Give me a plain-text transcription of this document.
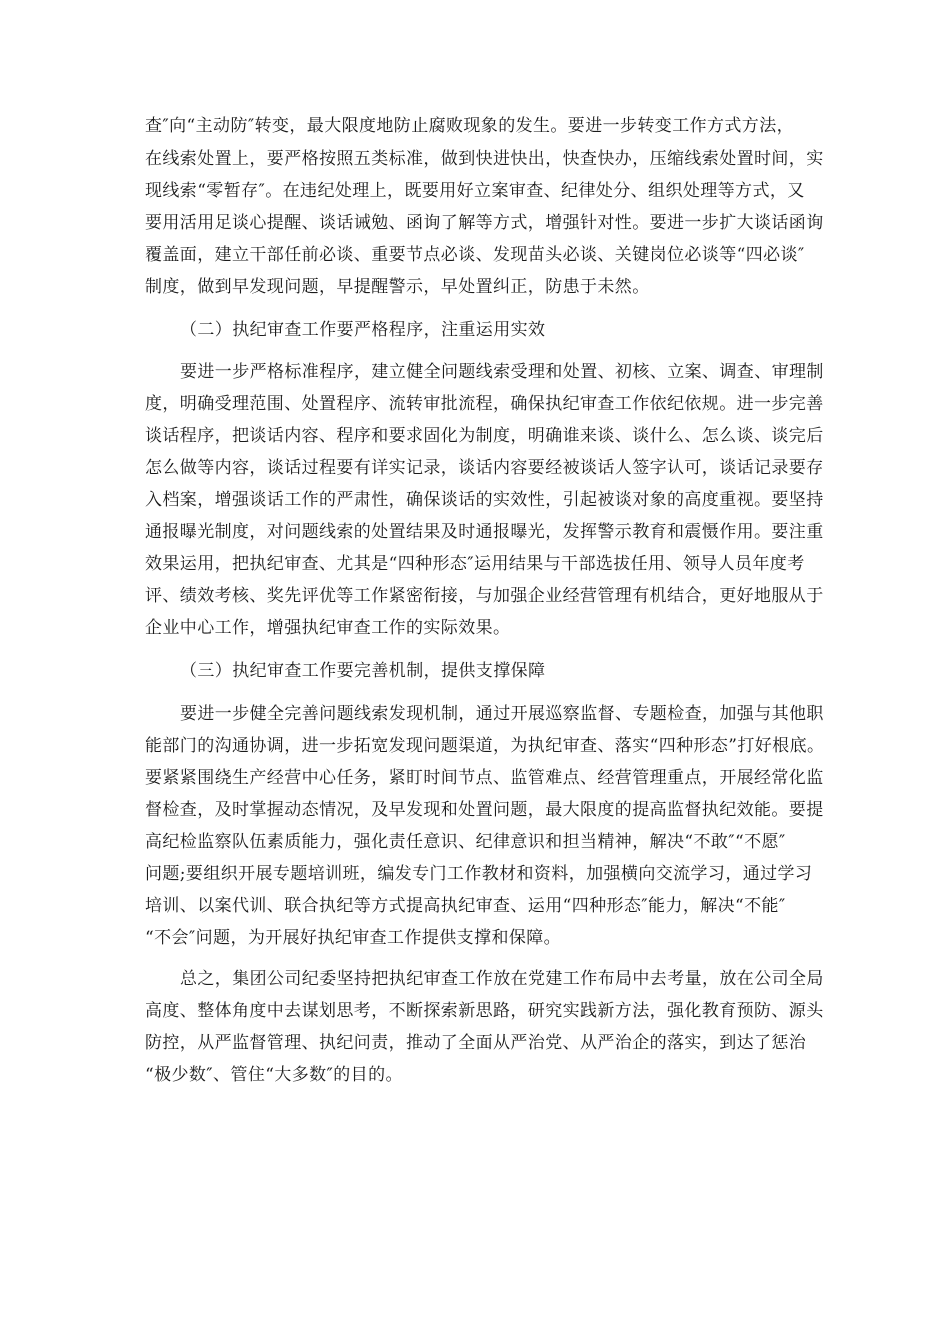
查″向“主动防″转变，最大限度地防止腐败现象的发生。要进一步转变工作方式方法，
在线索处置上，要严格按照五类标准，做到快进快出，快查快办，压缩线索处置时间，实
现线索“零暂存″。在违纪处理上，既要用好立案审查、纪律处分、组织处理等方式，又
要用活用足谈心提醒、谈话诫勉、函询了解等方式，增强针对性。要进一步扩大谈话函询
覆盖面，建立干部任前必谈、重要节点必谈、发现苗头必谈、关键岗位必谈等“四必谈″
制度，做到早发现问题，早提醒警示，早处置纠正，防患于未然。
（二）执纪审查工作要严格程序，注重运用实效
要进一步严格标准程序，建立健全问题线索受理和处置、初核、立案、调查、审理制
度，明确受理范围、处置程序、流转审批流程，确保执纪审查工作依纪依规。进一步完善
谈话程序，把谈话内容、程序和要求固化为制度，明确谁来谈、谈什么、怎么谈、谈完后
怎么做等内容，谈话过程要有详实记录，谈话内容要经被谈话人签字认可，谈话记录要存
入档案，增强谈话工作的严肃性，确保谈话的实效性，引起被谈对象的高度重视。要坚持
通报曝光制度，对问题线索的处置结果及时通报曝光，发挥警示教育和震慑作用。要注重
效果运用，把执纪审查、尤其是“四种形态″运用结果与干部选拔任用、领导人员年度考
评、绩效考核、奖先评优等工作紧密衔接，与加强企业经营管理有机结合，更好地服从于
企业中心工作，增强执纪审查工作的实际效果。
（三）执纪审查工作要完善机制，提供支撑保障
要进一步健全完善问题线索发现机制，通过开展巡察监督、专题检查，加强与其他职
能部门的沟通协调，进一步拓宽发现问题渠道，为执纪审查、落实“四种形态”打好根底。
要紧紧围绕生产经营中心任务，紧盯时间节点、监管难点、经营管理重点，开展经常化监
督检查，及时掌握动态情况，及早发现和处置问题，最大限度的提高监督执纪效能。要提
高纪检监察队伍素质能力，强化责任意识、纪律意识和担当精神，解决“不敢″“不愿″
问题;要组织开展专题培训班，编发专门工作教材和资料，加强横向交流学习，通过学习
培训、以案代训、联合执纪等方式提高执纪审查、运用“四种形态″能力，解决“不能″
“不会″问题，为开展好执纪审查工作提供支撑和保障。
总之，集团公司纪委坚持把执纪审查工作放在党建工作布局中去考量，放在公司全局
高度、整体角度中去谋划思考，不断探索新思路，研究实践新方法，强化教育预防、源头
防控，从严监督管理、执纪问责，推动了全面从严治党、从严治企的落实，到达了惩治
“极少数″、管住“大多数″的目的。
